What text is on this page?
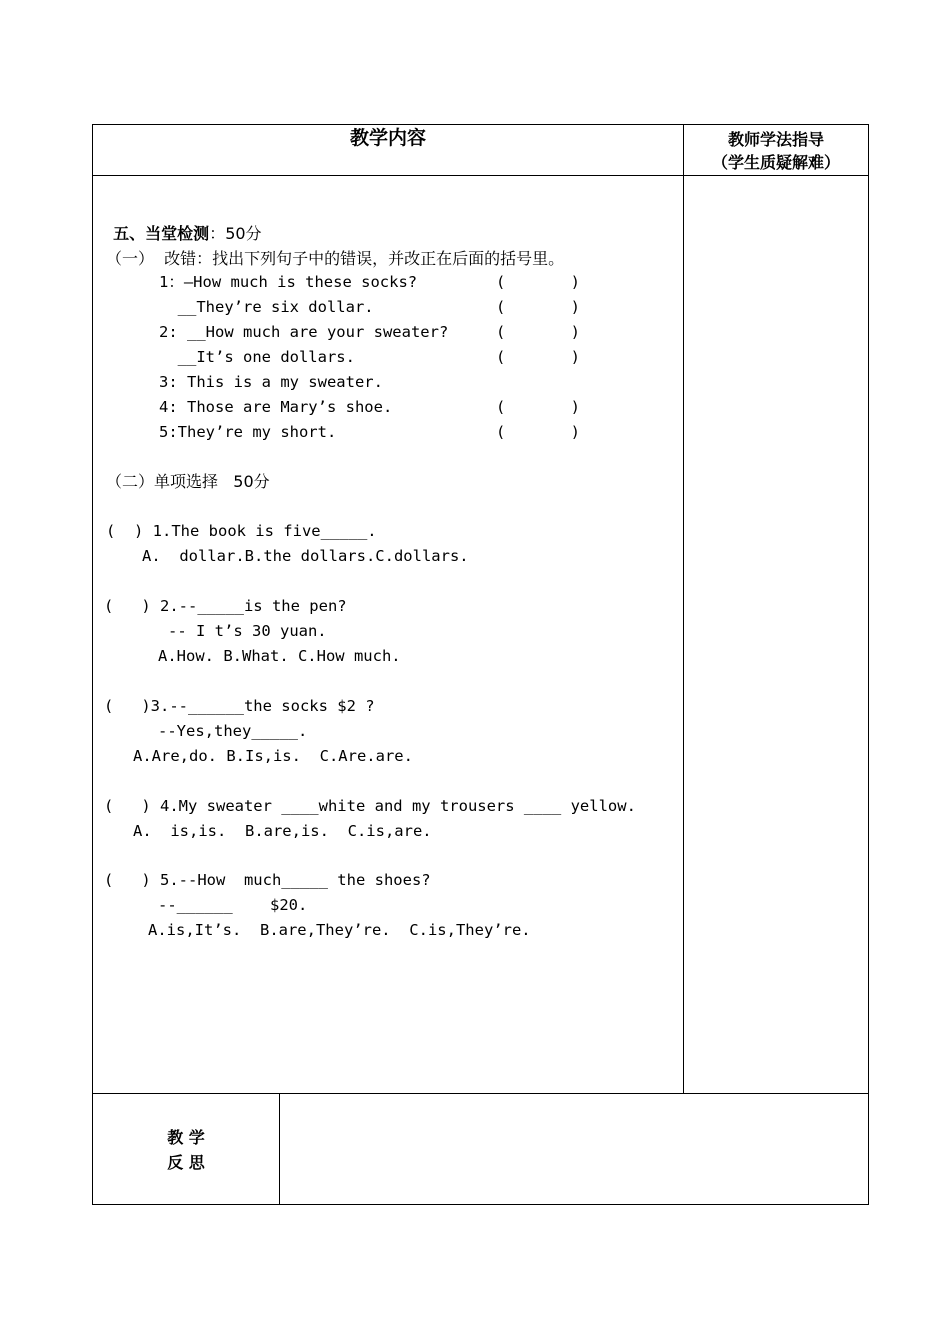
教学内容	教师学法指导
（学生质疑解难）

五、当堂检测：50分

（一）  改错：找出下列句子中的错误，并改正在后面的括号里。
1：—How much is these socks?	(       )
__They’re six dollar.	(       )
2: __How much are your sweater?	(       )
__It’s one dollars.	(       )
3: This is a my sweater.
4: Those are Mary’s shoe.	(       )
5:They’re my short.	(       )
（二）单项选择   50分
(  ) 1.The book is five_____.
A.  dollar.B.the dollars.C.dollars.
(   ) 2.--_____is the pen?
-- I t’s 30 yuan.
A.How. B.What. C.How much.
(   )3.--______the socks $2 ?
--Yes,they_____.
A.Are,do. B.Is,is.  C.Are.are.
(   ) 4.My sweater ____white and my trousers ____ yellow.
A.  is,is.  B.are,is.  C.is,are.
(   ) 5.--How  much_____ the shoes?
--______    $20.
A.is,It’s.  B.are,They’re.  C.is,They’re.
教 学
反 思
